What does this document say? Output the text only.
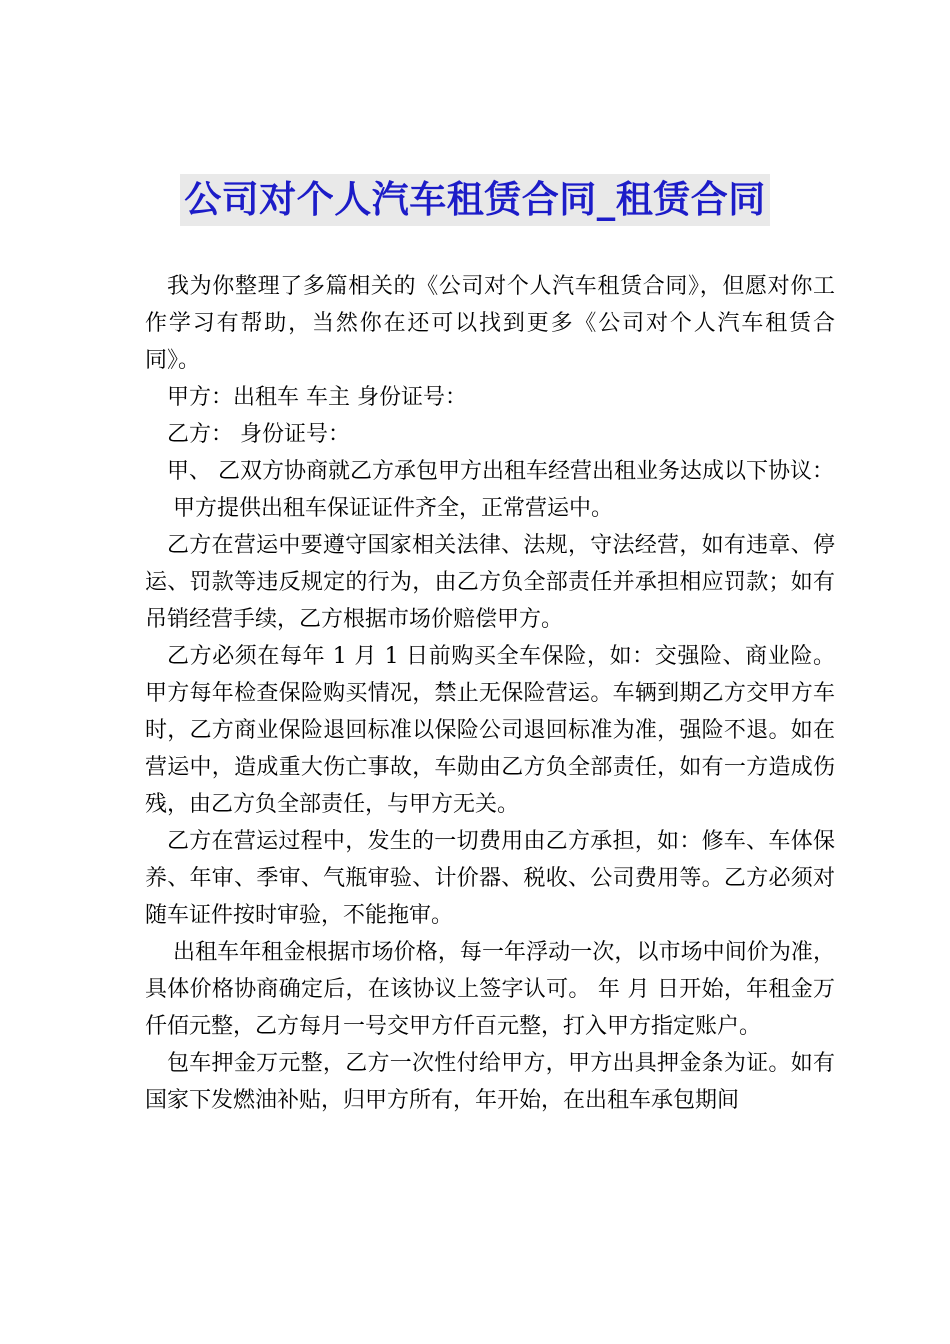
公司对个人汽车租赁合同_租赁合同

我为你整理了多篇相关的《公司对个人汽车租赁合同》，但愿对你工作学习有帮助，当然你在还可以找到更多《公司对个人汽车租赁合同》。

甲方：出租车 车主 身份证号：

乙方： 身份证号：

甲、 乙双方协商就乙方承包甲方出租车经营出租业务达成以下协议：

甲方提供出租车保证证件齐全，正常营运中。

乙方在营运中要遵守国家相关法律、法规，守法经营，如有违章、停运、罚款等违反规定的行为，由乙方负全部责任并承担相应罚款；如有吊销经营手续，乙方根据市场价赔偿甲方。

乙方必须在每年 1 月 1 日前购买全车保险，如：交强险、商业险。甲方每年检查保险购买情况，禁止无保险营运。车辆到期乙方交甲方车时，乙方商业保险退回标准以保险公司退回标准为准，强险不退。如在营运中，造成重大伤亡事故，车勋由乙方负全部责任，如有一方造成伤残，由乙方负全部责任，与甲方无关。

乙方在营运过程中，发生的一切费用由乙方承担，如：修车、车体保养、年审、季审、气瓶审验、计价器、税收、公司费用等。乙方必须对随车证件按时审验，不能拖审。

出租车年租金根据市场价格，每一年浮动一次，以市场中间价为准，具体价格协商确定后，在该协议上签字认可。 年 月 日开始，年租金万仟佰元整，乙方每月一号交甲方仟百元整，打入甲方指定账户。

包车押金万元整，乙方一次性付给甲方，甲方出具押金条为证。如有国家下发燃油补贴，归甲方所有，年开始，在出租车承包期间
